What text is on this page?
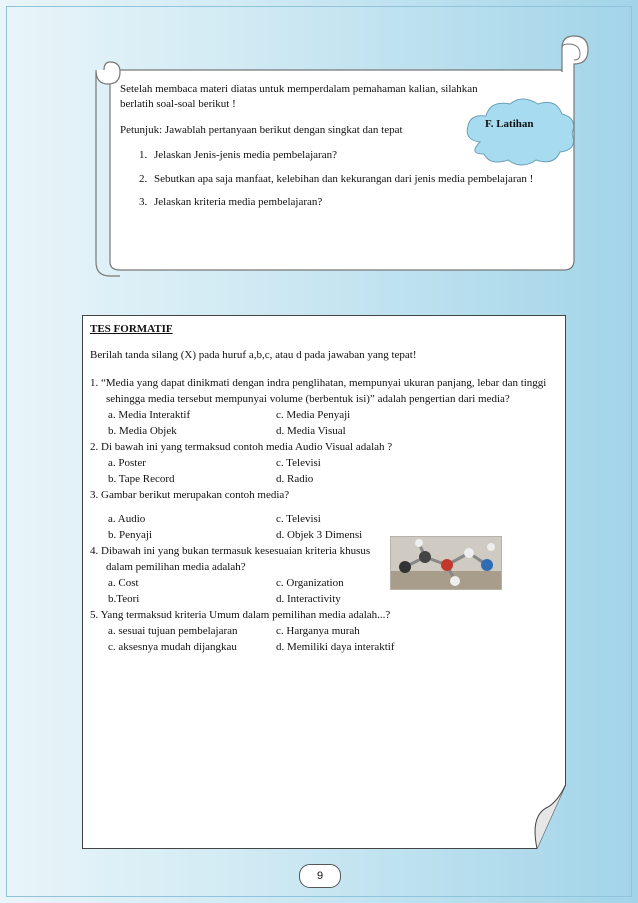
Setelah membaca materi diatas untuk memperdalam pemahaman kalian, silahkan
berlatih soal-soal berikut !

Petunjuk: Jawablah pertanyaan berikut dengan singkat dan tepat

1. Jelaskan Jenis-jenis media pembelajaran?
2. Sebutkan apa saja manfaat, kelebihan dan kekurangan dari jenis media pembelajaran !
3. Jelaskan kriteria media pembelajaran?
F. Latihan
TES FORMATIF
Berilah tanda silang (X) pada huruf a,b,c, atau d pada jawaban yang tepat!
1. “Media yang dapat dinikmati dengan indra penglihatan, mempunyai ukuran panjang, lebar dan tinggi sehingga media tersebut mempunyai volume (berbentuk isi)” adalah pengertian dari media?
a. Media Interaktif	c. Media Penyaji
b. Media Objek	d. Media Visual
2. Di bawah ini yang termaksud contoh media Audio Visual adalah ?
a. Poster	c. Televisi
b. Tape Record	d. Radio
3. Gambar berikut merupakan contoh media?
a. Audio	c. Televisi
b. Penyaji	d. Objek 3 Dimensi
4. Dibawah ini yang bukan termasuk kesesuaian kriteria khusus dalam pemilihan media adalah?
a. Cost	c. Organization
b.Teori	d. Interactivity
5. Yang termaksud kriteria Umum dalam pemilihan media adalah...?
a. sesuai tujuan pembelajaran	c. Harganya murah
c. aksesnya mudah dijangkau	d. Memiliki daya interaktif
9
